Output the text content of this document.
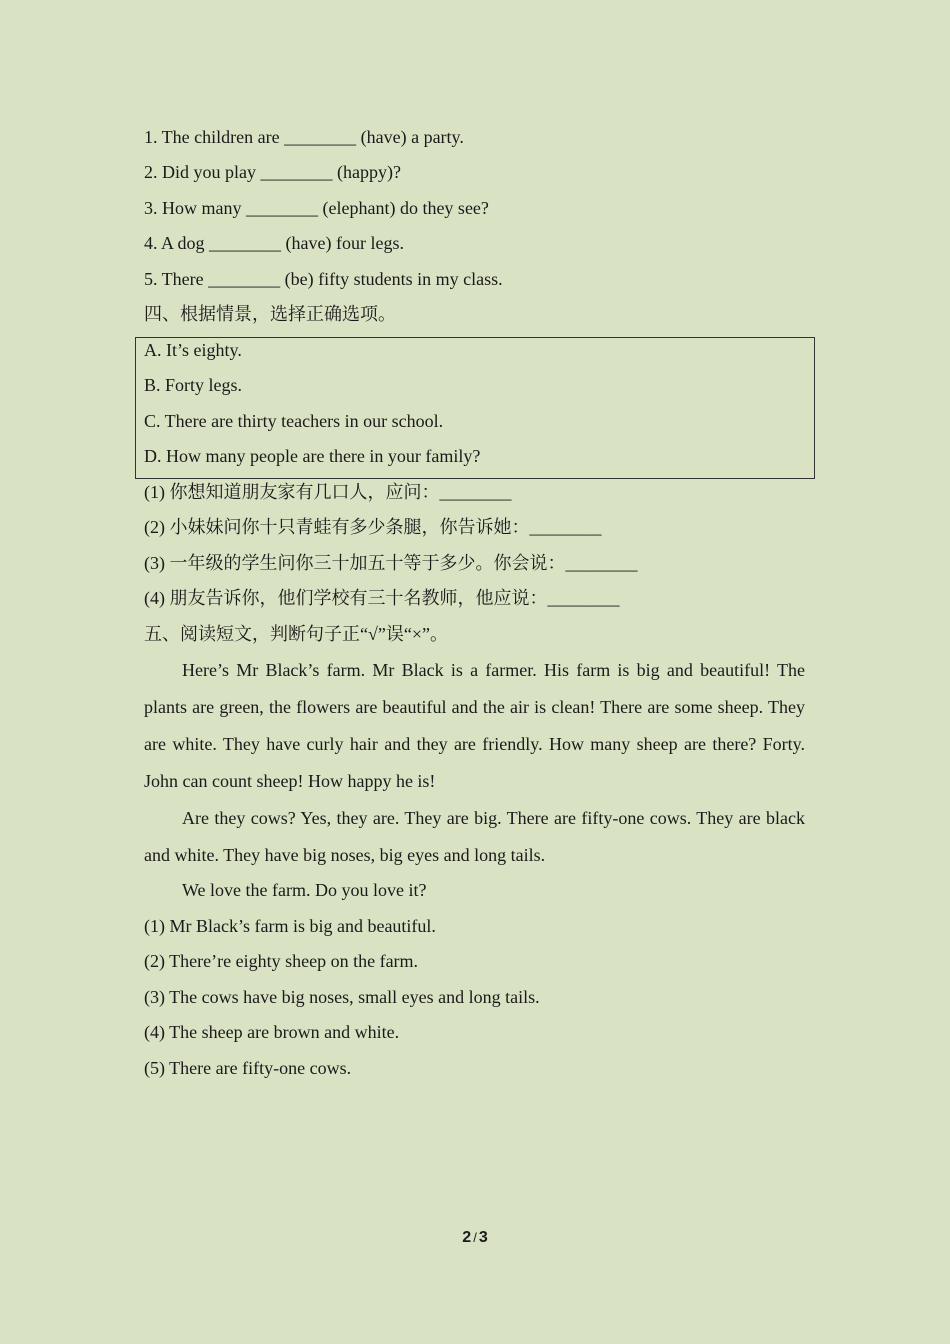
1. The children are ________ (have) a party.
2. Did you play ________ (happy)?
3. How many ________ (elephant) do they see?
4. A dog ________ (have) four legs.
5. There ________ (be) fifty students in my class.
四、根据情景，选择正确选项。
A. It’s eighty.
B. Forty legs.
C. There are thirty teachers in our school.
D. How many people are there in your family?
(1) 你想知道朋友家有几口人，应问：________
(2) 小妹妹问你十只青蛙有多少条腿，你告诉她：________
(3) 一年级的学生问你三十加五十等于多少。你会说：________
(4) 朋友告诉你，他们学校有三十名教师，他应说：________
五、阅读短文，判断句子正“√”误“×”。
Here’s Mr Black’s farm. Mr Black is a farmer. His farm is big and beautiful! The plants are green, the flowers are beautiful and the air is clean! There are some sheep. They are white. They have curly hair and they are friendly. How many sheep are there? Forty. John can count sheep! How happy he is!
Are they cows? Yes, they are. They are big. There are fifty-one cows. They are black and white. They have big noses, big eyes and long tails.
We love the farm. Do you love it?
(1) Mr Black’s farm is big and beautiful.
(2) There’re eighty sheep on the farm.
(3) The cows have big noses, small eyes and long tails.
(4) The sheep are brown and white.
(5) There are fifty-one cows.
2 / 3
